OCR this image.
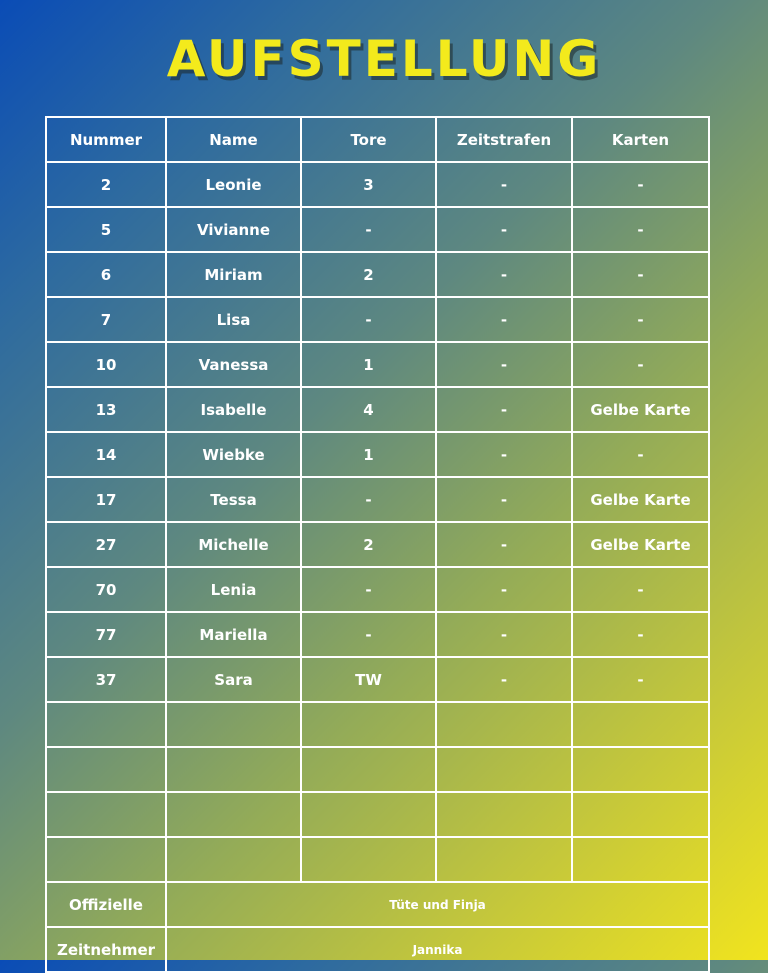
AUFSTELLUNG
Nummer	Name	Tore	Zeitstrafen	Karten
2	Leonie	3	-	-
5	Vivianne	-	-	-
6	Miriam	2	-	-
7	Lisa	-	-	-
10	Vanessa	1	-	-
13	Isabelle	4	-	Gelbe Karte
14	Wiebke	1	-	-
17	Tessa	-	-	Gelbe Karte
27	Michelle	2	-	Gelbe Karte
70	Lenia	-	-	-
77	Mariella	-	-	-
37	Sara	TW	-	-

Offizielle	Tüte und Finja			
Zeitnehmer	Jannika			
